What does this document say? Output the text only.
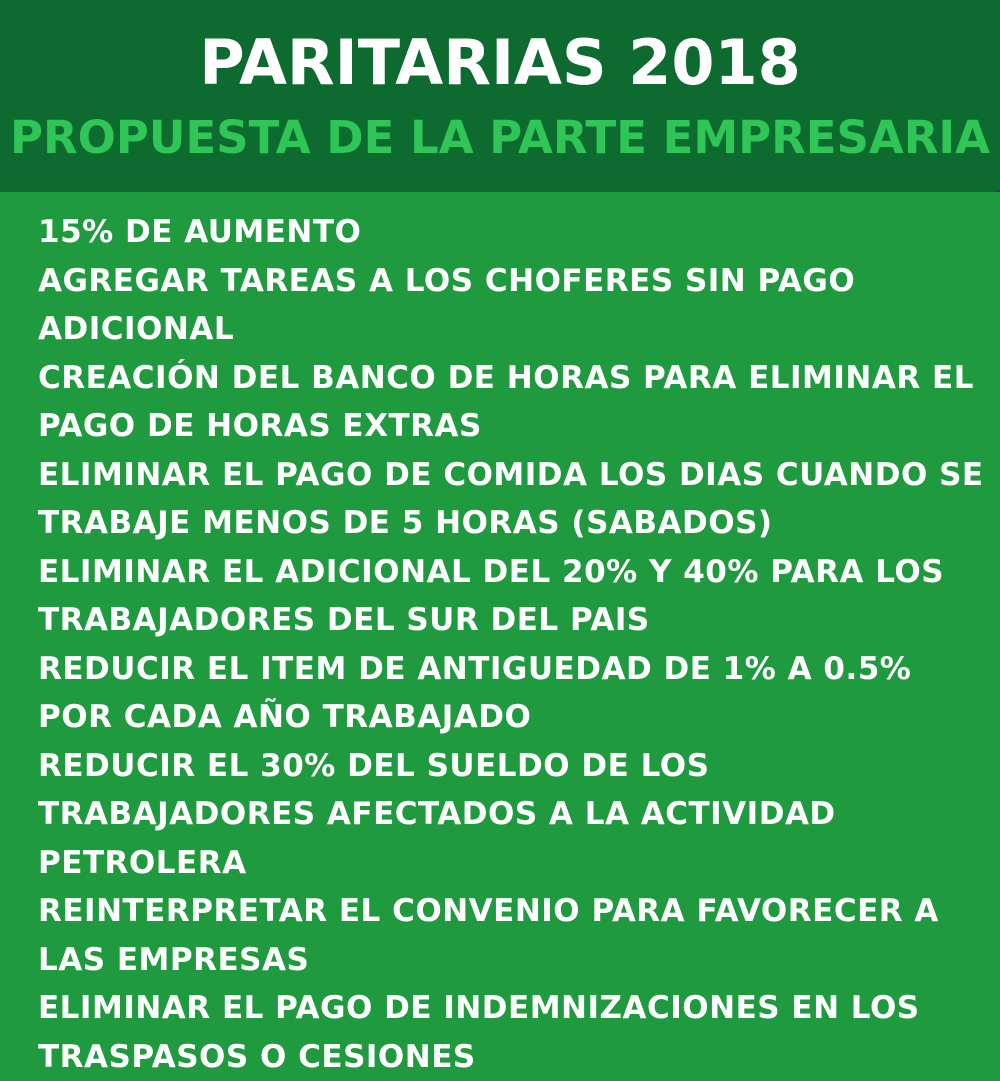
PARITARIAS 2018
PROPUESTA DE LA PARTE EMPRESARIA
15% DE AUMENTO
AGREGAR TAREAS A LOS CHOFERES SIN PAGO ADICIONAL
CREACIÓN DEL BANCO DE HORAS PARA ELIMINAR EL PAGO DE HORAS EXTRAS
ELIMINAR EL PAGO DE COMIDA LOS DIAS CUANDO SE TRABAJE MENOS DE 5 HORAS (SABADOS)
ELIMINAR EL ADICIONAL DEL 20% Y 40% PARA LOS TRABAJADORES DEL SUR DEL PAIS
REDUCIR EL ITEM DE ANTIGUEDAD DE 1% A 0.5% POR CADA AÑO TRABAJADO
REDUCIR EL 30% DEL SUELDO DE LOS TRABAJADORES AFECTADOS A LA ACTIVIDAD PETROLERA
REINTERPRETAR EL CONVENIO PARA FAVORECER A LAS EMPRESAS
ELIMINAR EL PAGO DE INDEMNIZACIONES EN LOS TRASPASOS O CESIONES
